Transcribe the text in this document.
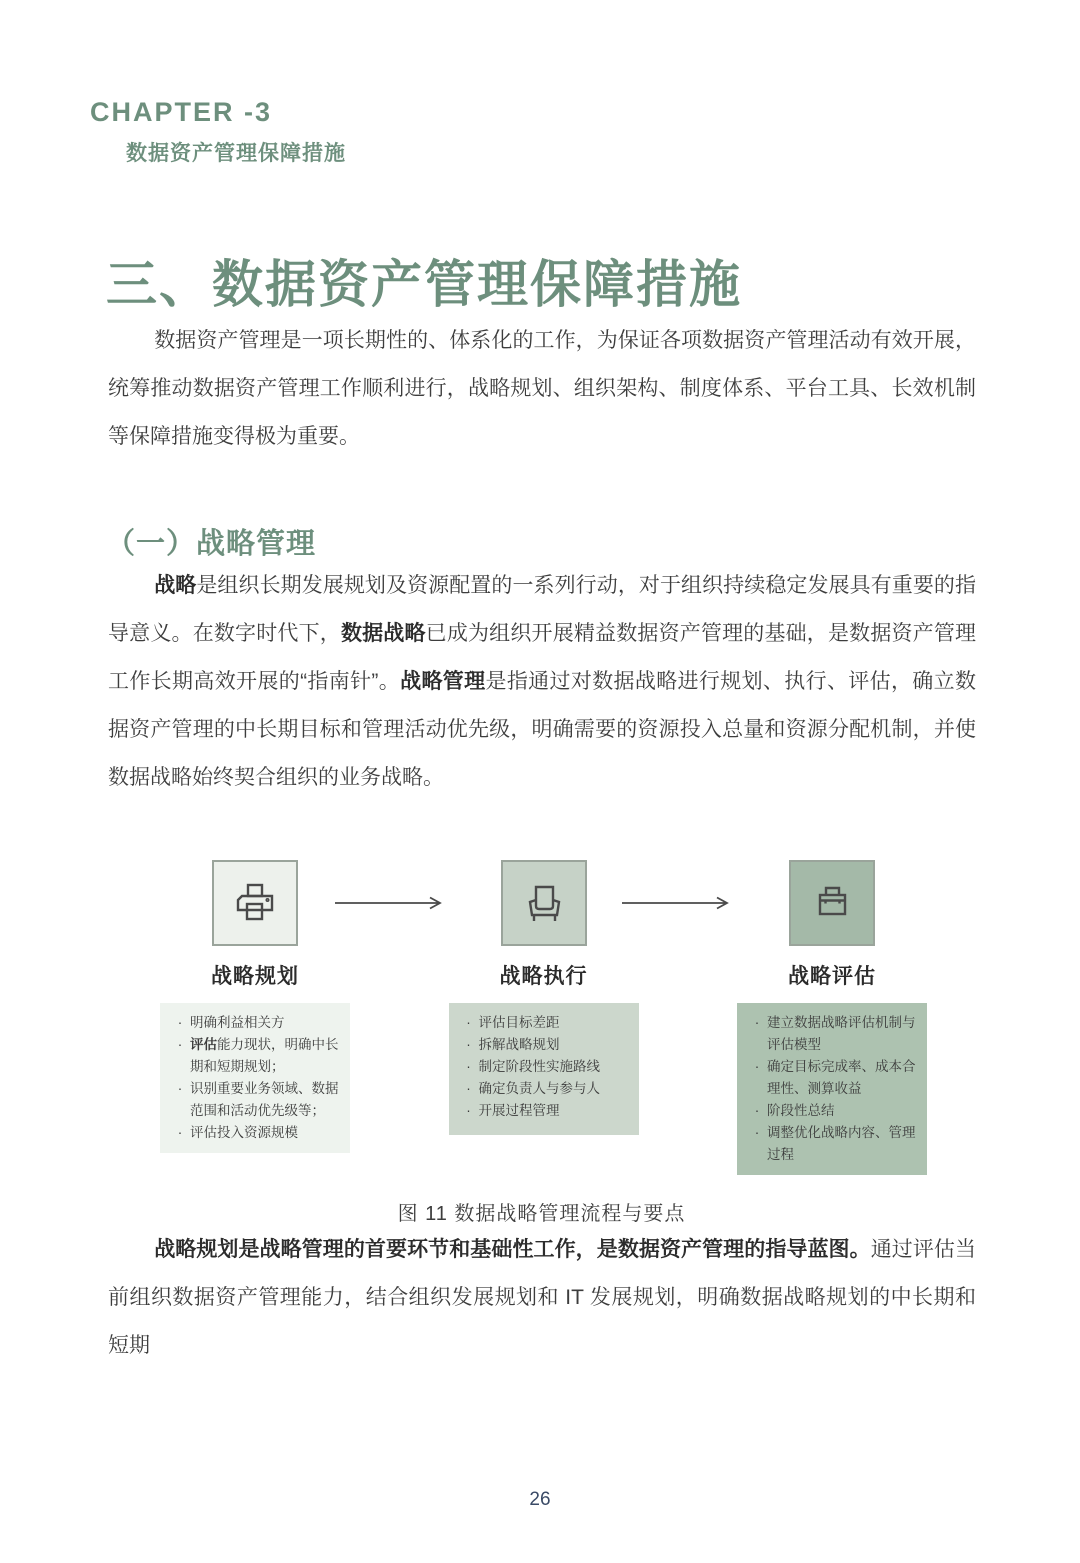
CHAPTER -3
数据资产管理保障措施
三、数据资产管理保障措施

数据资产管理是一项长期性的、体系化的工作，为保证各项数据资产管理活动有效开展，统筹推动数据资产管理工作顺利进行，战略规划、组织架构、制度体系、平台工具、长效机制等保障措施变得极为重要。

（一）战略管理

战略是组织长期发展规划及资源配置的一系列行动，对于组织持续稳定发展具有重要的指导意义。在数字时代下，数据战略已成为组织开展精益数据资产管理的基础，是数据资产管理工作长期高效开展的“指南针”。战略管理是指通过对数据战略进行规划、执行、评估，确立数据资产管理的中长期目标和管理活动优先级，明确需要的资源投入总量和资源分配机制，并使数据战略始终契合组织的业务战略。

战略规划
· 明确利益相关方
· 评估能力现状，明确中长期和短期规划；
· 识别重要业务领域、数据范围和活动优先级等；
· 评估投入资源规模
战略执行
· 评估目标差距
· 拆解战略规划
· 制定阶段性实施路线
· 确定负责人与参与人
· 开展过程管理
战略评估
· 建立数据战略评估机制与评估模型
· 确定目标完成率、成本合理性、测算收益
· 阶段性总结
· 调整优化战略内容、管理过程
图 11 数据战略管理流程与要点

战略规划是战略管理的首要环节和基础性工作，是数据资产管理的指导蓝图。通过评估当前组织数据资产管理能力，结合组织发展规划和 IT 发展规划，明确数据战略规划的中长期和短期

26
